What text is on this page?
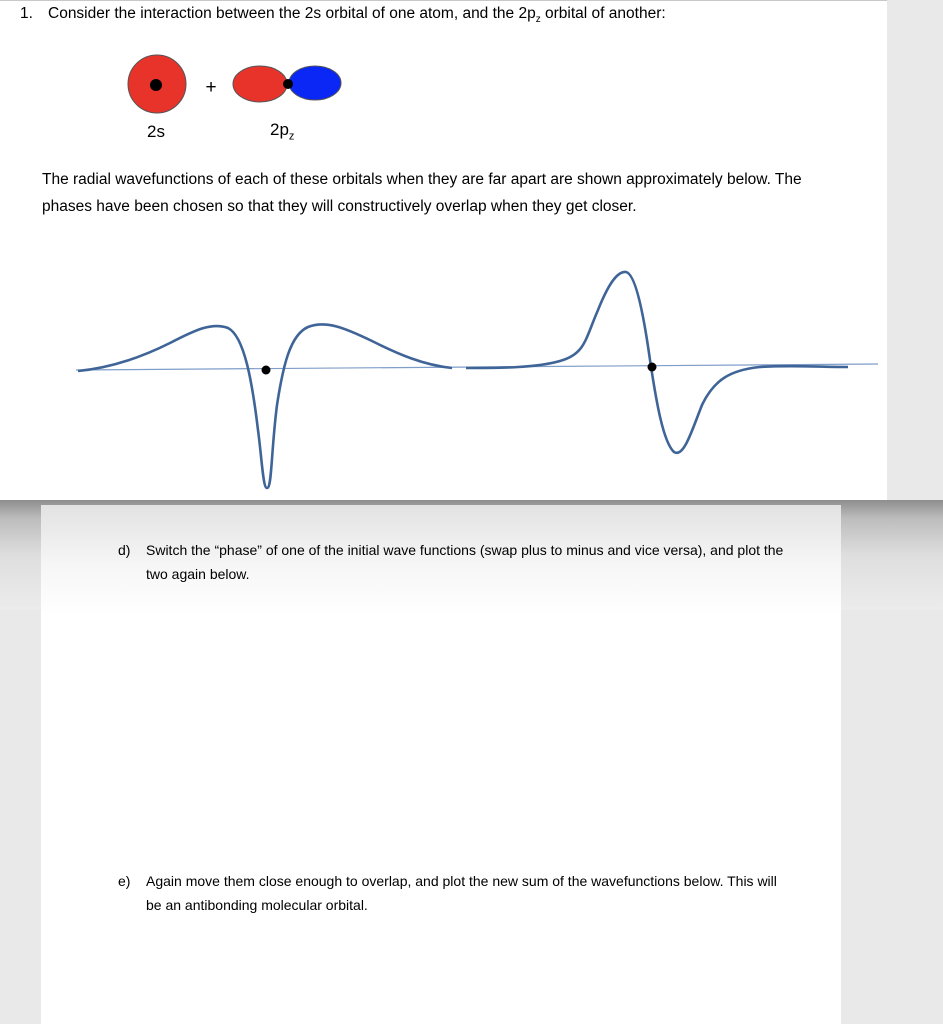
1. Consider the interaction between the 2s orbital of one atom, and the $2p_z$ orbital of another:
+
2s	$2p_z$
The radial wavefunctions of each of these orbitals when they are far apart are shown approximately below. The phases have been chosen so that they will constructively overlap when they get closer.
d) Switch the “phase” of one of the initial wave functions (swap plus to minus and vice versa), and plot the two again below.
e) Again move them close enough to overlap, and plot the new sum of the wavefunctions below. This will be an antibonding molecular orbital.
